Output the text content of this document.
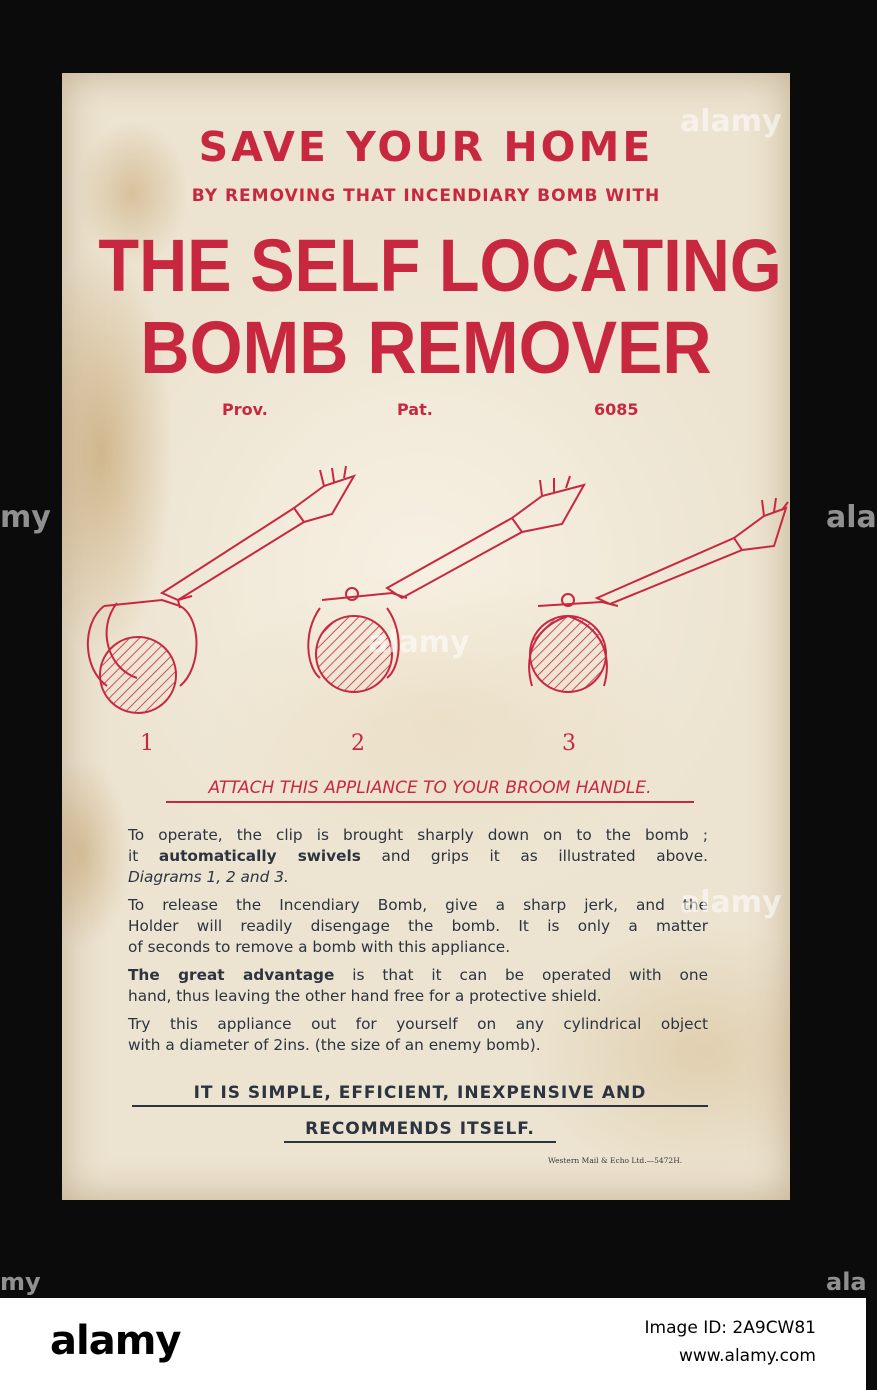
SAVE YOUR HOME
BY REMOVING THAT INCENDIARY BOMB WITH
THE SELF LOCATING
BOMB REMOVER
Prov.	Pat.	6085
1	2	3
ATTACH THIS APPLIANCE TO YOUR BROOM HANDLE.

To operate, the clip is brought sharply down on to the bomb ;
it automatically swivels and grips it as illustrated above.
Diagrams 1, 2 and 3.

To release the Incendiary Bomb, give a sharp jerk, and the
Holder will readily disengage the bomb. It is only a matter
of seconds to remove a bomb with this appliance.

The great advantage is that it can be operated with one
hand, thus leaving the other hand free for a protective shield.

Try this appliance out for yourself on any cylindrical object
with a diameter of 2ins. (the size of an enemy bomb).

IT IS SIMPLE, EFFICIENT, INEXPENSIVE AND
RECOMMENDS ITSELF.
Western Mail & Echo Ltd.—5472H.
alamy
alamy
alamy
my	ala
my	ala
alamy	Image ID: 2A9CW81
www.alamy.com
